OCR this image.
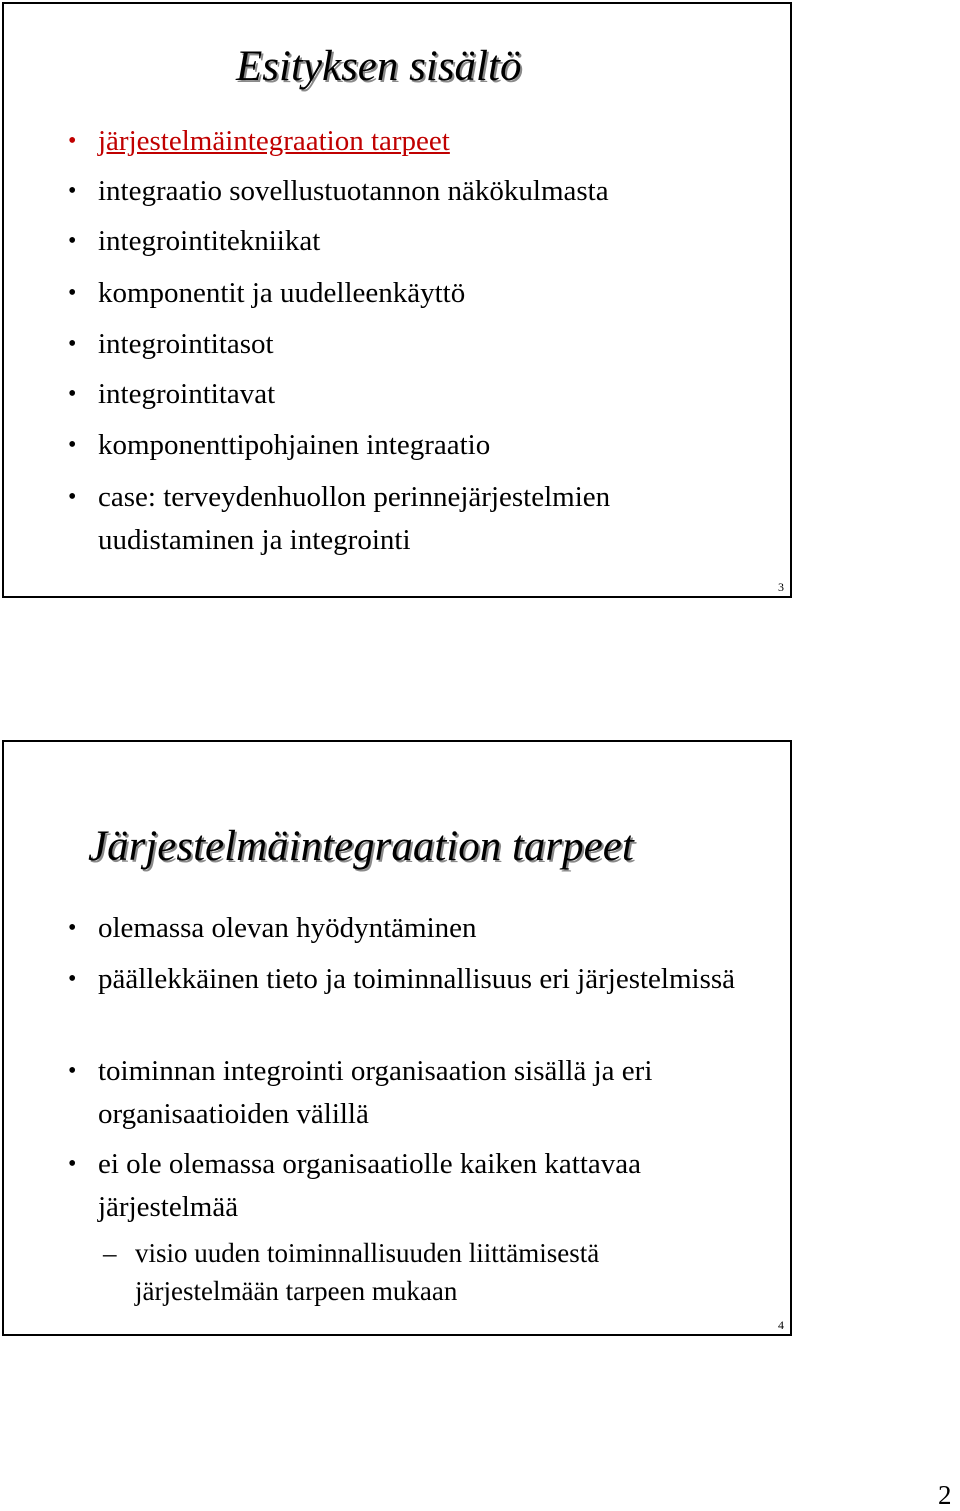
Esityksen sisältö
• järjestelmäintegraation tarpeet
• integraatio sovellustuotannon näkökulmasta
• integrointitekniikat
• komponentit ja uudelleenkäyttö
• integrointitasot
• integrointitavat
• komponenttipohjainen integraatio
• case: terveydenhuollon perinnejärjestelmien uudistaminen ja integrointi
3
Järjestelmäintegraation tarpeet
• olemassa olevan hyödyntäminen
• päällekkäinen tieto ja toiminnallisuus eri järjestelmissä
• toiminnan integrointi organisaation sisällä ja eri organisaatioiden välillä
• ei ole olemassa organisaatiolle kaiken kattavaa järjestelmää
– visio uuden toiminnallisuuden liittämisestä järjestelmään tarpeen mukaan
4
2
